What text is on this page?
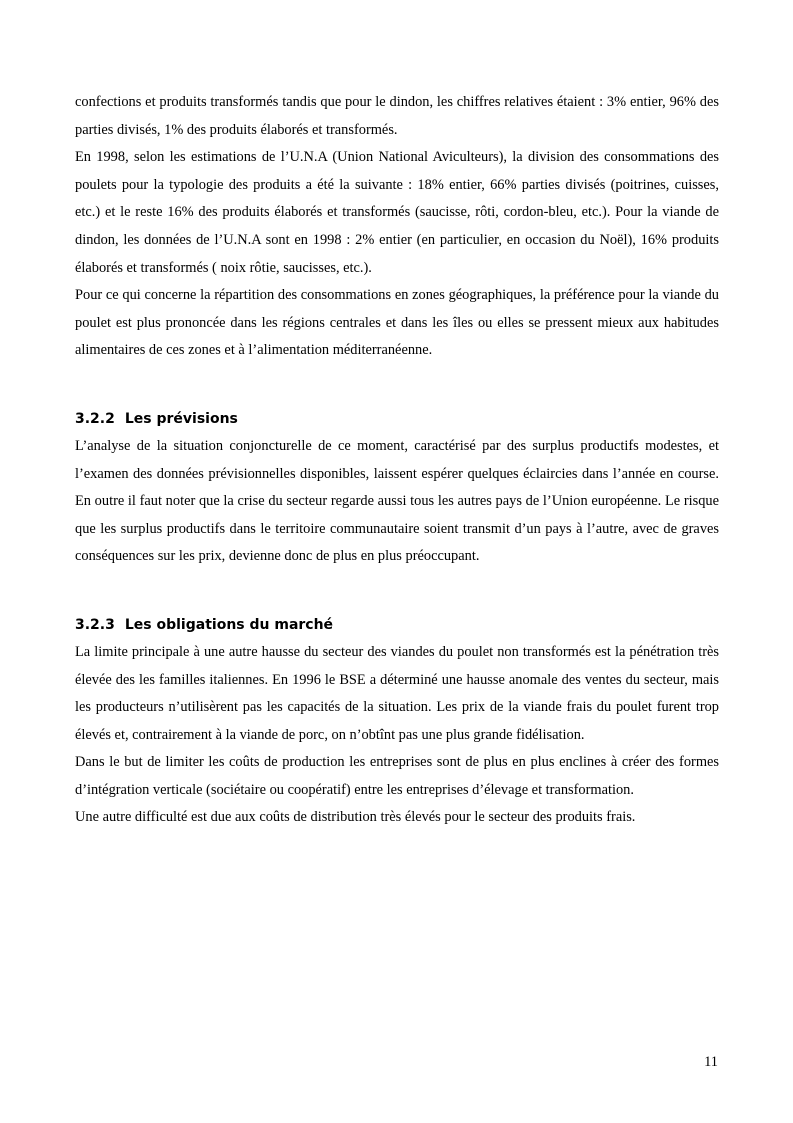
confections et produits transformés tandis que pour le dindon, les chiffres relatives étaient : 3% entier, 96% des parties divisés, 1% des produits élaborés et transformés.

En 1998, selon les estimations de l’U.N.A (Union National Aviculteurs), la division des consommations des poulets pour la typologie des produits a été la suivante : 18% entier, 66% parties divisés (poitrines, cuisses, etc.) et le reste 16% des produits élaborés et transformés (saucisse, rôti, cordon-bleu, etc.). Pour la viande de dindon, les données de l’U.N.A sont en 1998 : 2% entier (en particulier, en occasion du Noël), 16% produits élaborés et transformés ( noix rôtie, saucisses, etc.).

Pour ce qui concerne la répartition des consommations en zones géographiques, la préférence pour la viande du poulet est plus prononcée dans les régions centrales et dans les îles ou elles se pressent mieux aux habitudes alimentaires de ces zones et à l’alimentation méditerranéenne.

3.2.2 Les prévisions

L’analyse de la situation conjoncturelle de ce moment, caractérisé par des surplus productifs modestes, et l’examen des données prévisionnelles disponibles, laissent espérer quelques éclaircies dans l’année en course. En outre il faut noter que la crise du secteur regarde aussi tous les autres pays de l’Union européenne. Le risque que les surplus productifs dans le territoire communautaire soient transmit d’un pays à l’autre, avec de graves conséquences sur les prix, devienne donc de plus en plus préoccupant.

3.2.3 Les obligations du marché

La limite principale à une autre hausse du secteur des viandes du poulet non transformés est la pénétration très élevée des les familles italiennes. En 1996 le BSE a déterminé une hausse anomale des ventes du secteur, mais les producteurs n’utilisèrent pas les capacités de la situation. Les prix de la viande frais du poulet furent trop élevés et, contrairement à la viande de porc, on n’obtînt pas une plus grande fidélisation.

Dans le but de limiter les coûts de production les entreprises sont de plus en plus enclines à créer des formes d’intégration verticale (sociétaire ou coopératif) entre les entreprises d’élevage et transformation.

Une autre difficulté est due aux coûts de distribution très élevés pour le secteur des produits frais.

11
